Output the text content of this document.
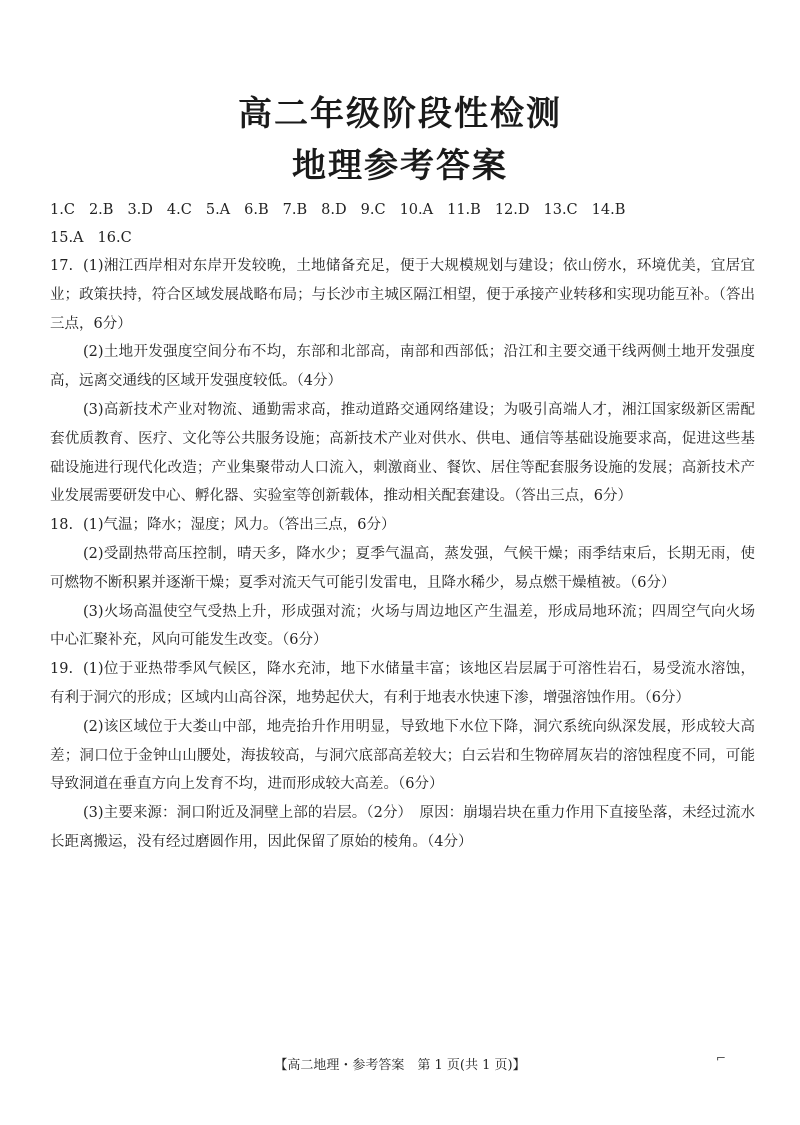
高二年级阶段性检测
地理参考答案
1.C 2.B 3.D 4.C 5.A 6.B 7.B 8.D 9.C 10.A 11.B 12.D 13.C 14.B
15.A 16.C
17. (1)湘江西岸相对东岸开发较晚，土地储备充足，便于大规模规划与建设；依山傍水，环境优美，宜居宜业；政策扶持，符合区域发展战略布局；与长沙市主城区隔江相望，便于承接产业转移和实现功能互补。（答出三点，6分）

(2)土地开发强度空间分布不均，东部和北部高，南部和西部低；沿江和主要交通干线两侧土地开发强度高，远离交通线的区域开发强度较低。（4分）

(3)高新技术产业对物流、通勤需求高，推动道路交通网络建设；为吸引高端人才，湘江国家级新区需配套优质教育、医疗、文化等公共服务设施；高新技术产业对供水、供电、通信等基础设施要求高，促进这些基础设施进行现代化改造；产业集聚带动人口流入，刺激商业、餐饮、居住等配套服务设施的发展；高新技术产业发展需要研发中心、孵化器、实验室等创新载体，推动相关配套建设。（答出三点，6分）

18. (1)气温；降水；湿度；风力。（答出三点，6分）

(2)受副热带高压控制，晴天多，降水少；夏季气温高，蒸发强，气候干燥；雨季结束后，长期无雨，使可燃物不断积累并逐渐干燥；夏季对流天气可能引发雷电，且降水稀少，易点燃干燥植被。（6分）

(3)火场高温使空气受热上升，形成强对流；火场与周边地区产生温差，形成局地环流；四周空气向火场中心汇聚补充，风向可能发生改变。（6分）

19. (1)位于亚热带季风气候区，降水充沛，地下水储量丰富；该地区岩层属于可溶性岩石，易受流水溶蚀，有利于洞穴的形成；区域内山高谷深，地势起伏大，有利于地表水快速下渗，增强溶蚀作用。（6分）

(2)该区域位于大娄山中部，地壳抬升作用明显，导致地下水位下降，洞穴系统向纵深发展，形成较大高差；洞口位于金钟山山腰处，海拔较高，与洞穴底部高差较大；白云岩和生物碎屑灰岩的溶蚀程度不同，可能导致洞道在垂直方向上发育不均，进而形成较大高差。（6分）

(3)主要来源：洞口附近及洞壁上部的岩层。（2分）　原因：崩塌岩块在重力作用下直接坠落，未经过流水长距离搬运，没有经过磨圆作用，因此保留了原始的棱角。（4分）

【高二地理・参考答案　第 1 页(共 1 页)】	⌐
